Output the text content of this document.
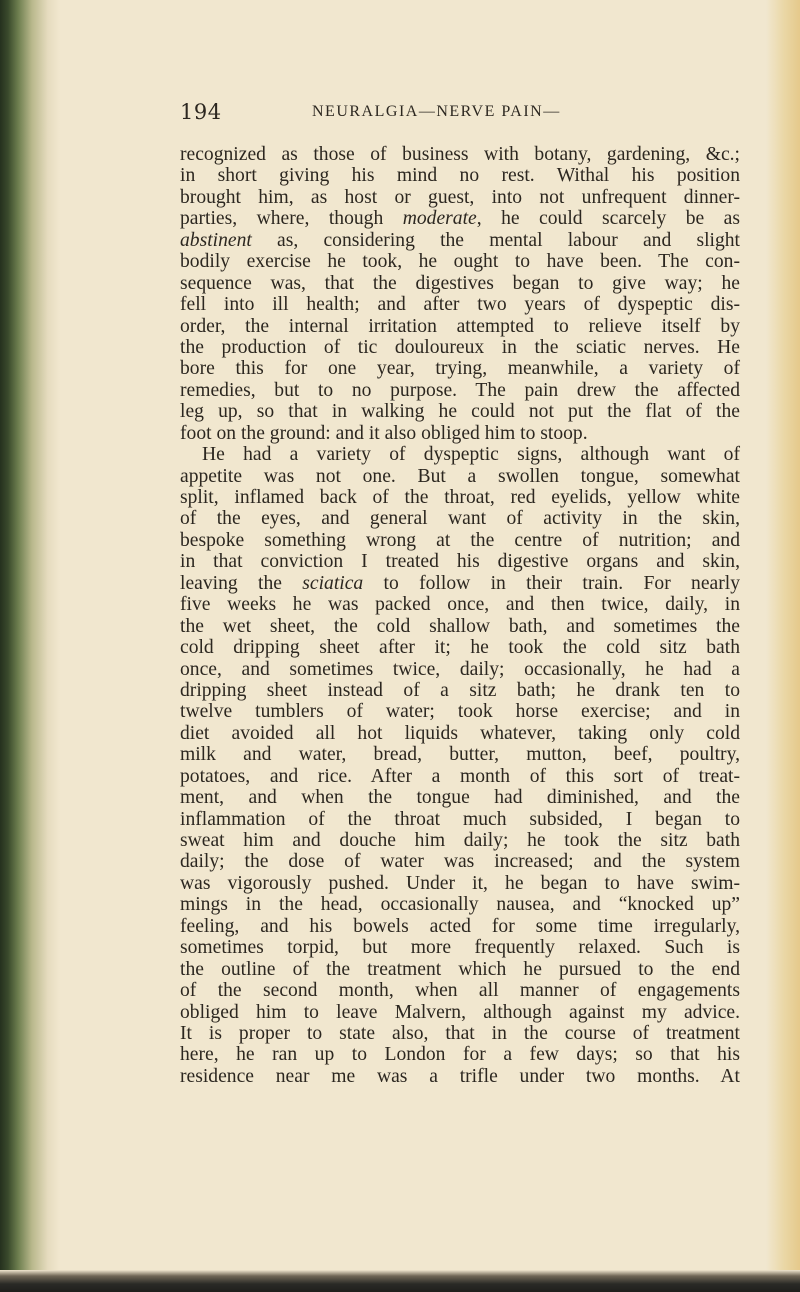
194	NEURALGIA—NERVE PAIN—
recognized as those of business with botany, gardening, &c.;
in short giving his mind no rest. Withal his position
brought him, as host or guest, into not unfrequent dinner-
parties, where, though moderate, he could scarcely be as
abstinent as, considering the mental labour and slight
bodily exercise he took, he ought to have been. The con-
sequence was, that the digestives began to give way; he
fell into ill health; and after two years of dyspeptic dis-
order, the internal irritation attempted to relieve itself by
the production of tic douloureux in the sciatic nerves. He
bore this for one year, trying, meanwhile, a variety of
remedies, but to no purpose. The pain drew the affected
leg up, so that in walking he could not put the flat of the
foot on the ground: and it also obliged him to stoop.
He had a variety of dyspeptic signs, although want of
appetite was not one. But a swollen tongue, somewhat
split, inflamed back of the throat, red eyelids, yellow white
of the eyes, and general want of activity in the skin,
bespoke something wrong at the centre of nutrition; and
in that conviction I treated his digestive organs and skin,
leaving the sciatica to follow in their train. For nearly
five weeks he was packed once, and then twice, daily, in
the wet sheet, the cold shallow bath, and sometimes the
cold dripping sheet after it; he took the cold sitz bath
once, and sometimes twice, daily; occasionally, he had a
dripping sheet instead of a sitz bath; he drank ten to
twelve tumblers of water; took horse exercise; and in
diet avoided all hot liquids whatever, taking only cold
milk and water, bread, butter, mutton, beef, poultry,
potatoes, and rice. After a month of this sort of treat-
ment, and when the tongue had diminished, and the
inflammation of the throat much subsided, I began to
sweat him and douche him daily; he took the sitz bath
daily; the dose of water was increased; and the system
was vigorously pushed. Under it, he began to have swim-
mings in the head, occasionally nausea, and “knocked up”
feeling, and his bowels acted for some time irregularly,
sometimes torpid, but more frequently relaxed. Such is
the outline of the treatment which he pursued to the end
of the second month, when all manner of engagements
obliged him to leave Malvern, although against my advice.
It is proper to state also, that in the course of treatment
here, he ran up to London for a few days; so that his
residence near me was a trifle under two months. At
